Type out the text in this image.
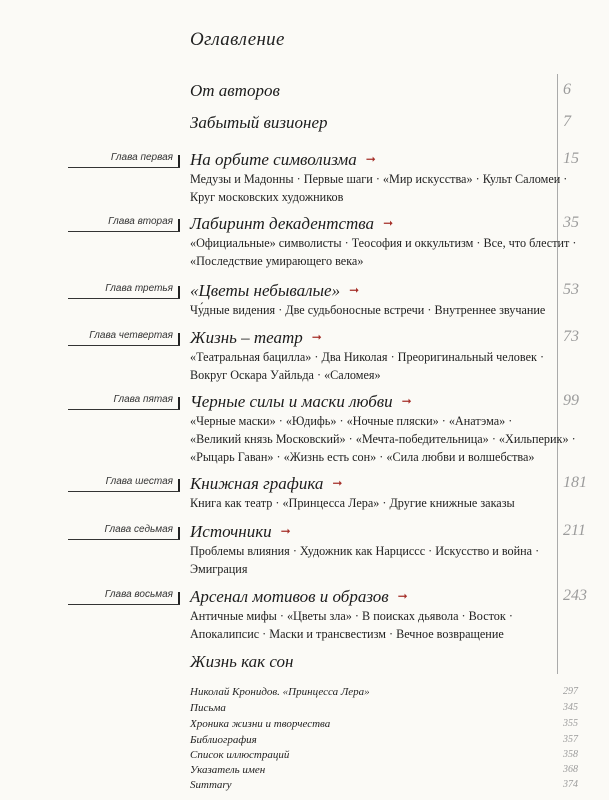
Оглавление
От авторов	6
Забытый визионер	7
Глава первая На орбите символизма ➞	15
Медузы и Мадонны · Первые шаги · «Мир искусства» · Культ Саломеи ·
Круг московских художников
Глава вторая Лабиринт декадентства ➞	35
«Официальные» символисты · Теософия и оккультизм · Все, что блестит ·
«Последствие умирающего века»
Глава третья «Цветы небывалые» ➞	53
Чу́дные видения · Две судьбоносные встречи · Внутреннее звучание
Глава четвертая Жизнь – театр ➞	73
«Театральная бацилла» · Два Николая · Преоригинальный человек ·
Вокруг Оскара Уайльда · «Саломея»
Глава пятая Черные силы и маски любви ➞	99
«Черные маски» · «Юдифь» · «Ночные пляски» · «Анатэма» ·
«Великий князь Московский» · «Мечта-победительница» · «Хильперик» ·
«Рыцарь Гаван» · «Жизнь есть сон» · «Сила любви и волшебства»
Глава шестая Книжная графика ➞	181
Книга как театр · «Принцесса Лера» · Другие книжные заказы
Глава седьмая Источники ➞	211
Проблемы влияния · Художник как Нарциссс · Искусство и война ·
Эмиграция
Глава восьмая Арсенал мотивов и образов ➞	243
Античные мифы · «Цветы зла» · В поисках дьявола · Восток ·
Апокалипсис · Маски и трансвестизм · Вечное возвращение
Жизнь как сон
Николай Кронидов. «Принцесса Лера»	297
Письма	345
Хроника жизни и творчества	355
Библиография	357
Список иллюстраций	358
Указатель имен	368
Summary	374
